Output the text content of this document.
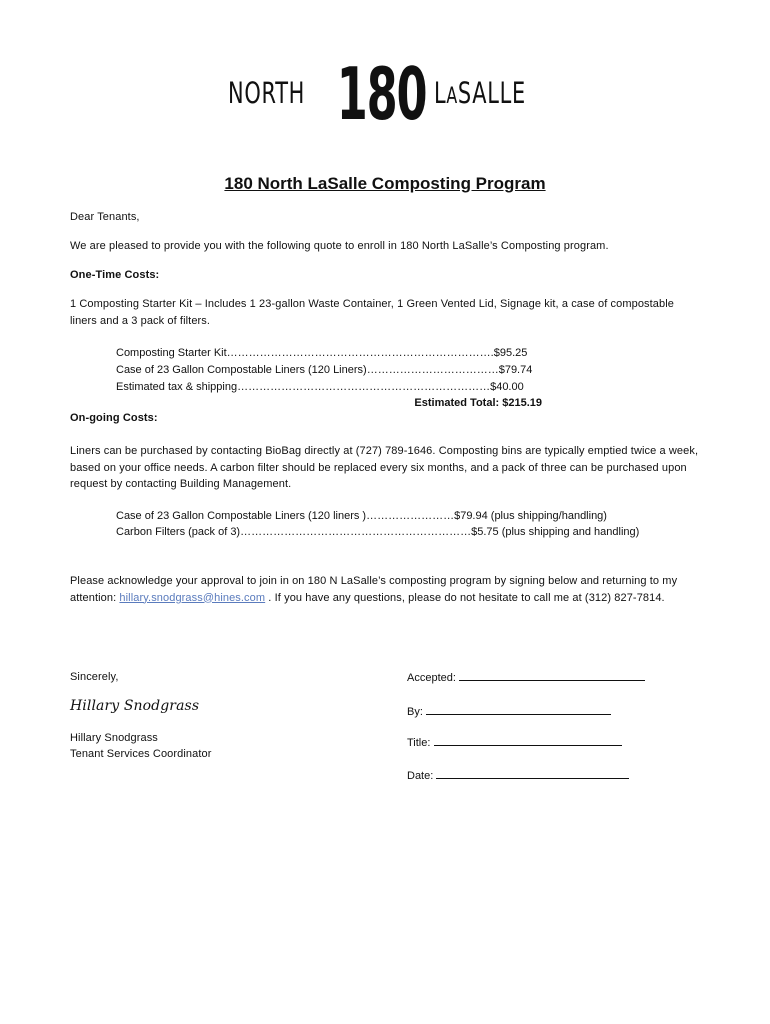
NORTH 180 LASALLE
180 North LaSalle Composting Program
Dear Tenants,
We are pleased to provide you with the following quote to enroll in 180 North LaSalle’s Composting program.
One-Time Costs:
1 Composting Starter Kit – Includes 1 23-gallon Waste Container, 1 Green Vented Lid, Signage kit, a case of compostable liners and a 3 pack of filters.
Composting Starter Kit……………………………………………………………….$95.25
Case of 23 Gallon Compostable Liners (120 Liners)………………………………$79.74
Estimated tax & shipping……………………………………………………………$40.00
Estimated Total: $215.19
On-going Costs:
Liners can be purchased by contacting BioBag directly at (727) 789-1646. Composting bins are typically emptied twice a week, based on your office needs. A carbon filter should be replaced every six months, and a pack of three can be purchased upon request by contacting Building Management.
Case of 23 Gallon Compostable Liners (120 liners )……………………$79.94 (plus shipping/handling)
Carbon Filters (pack of 3)………………………………………………………$5.75 (plus shipping and handling)
Please acknowledge your approval to join in on 180 N LaSalle’s composting program by signing below and returning to my attention: hillary.snodgrass@hines.com . If you have any questions, please do not hesitate to call me at (312) 827-7814.
Sincerely,
Hillary Snodgrass
Hillary Snodgrass
Tenant Services Coordinator
Accepted:
By:
Title:
Date:
